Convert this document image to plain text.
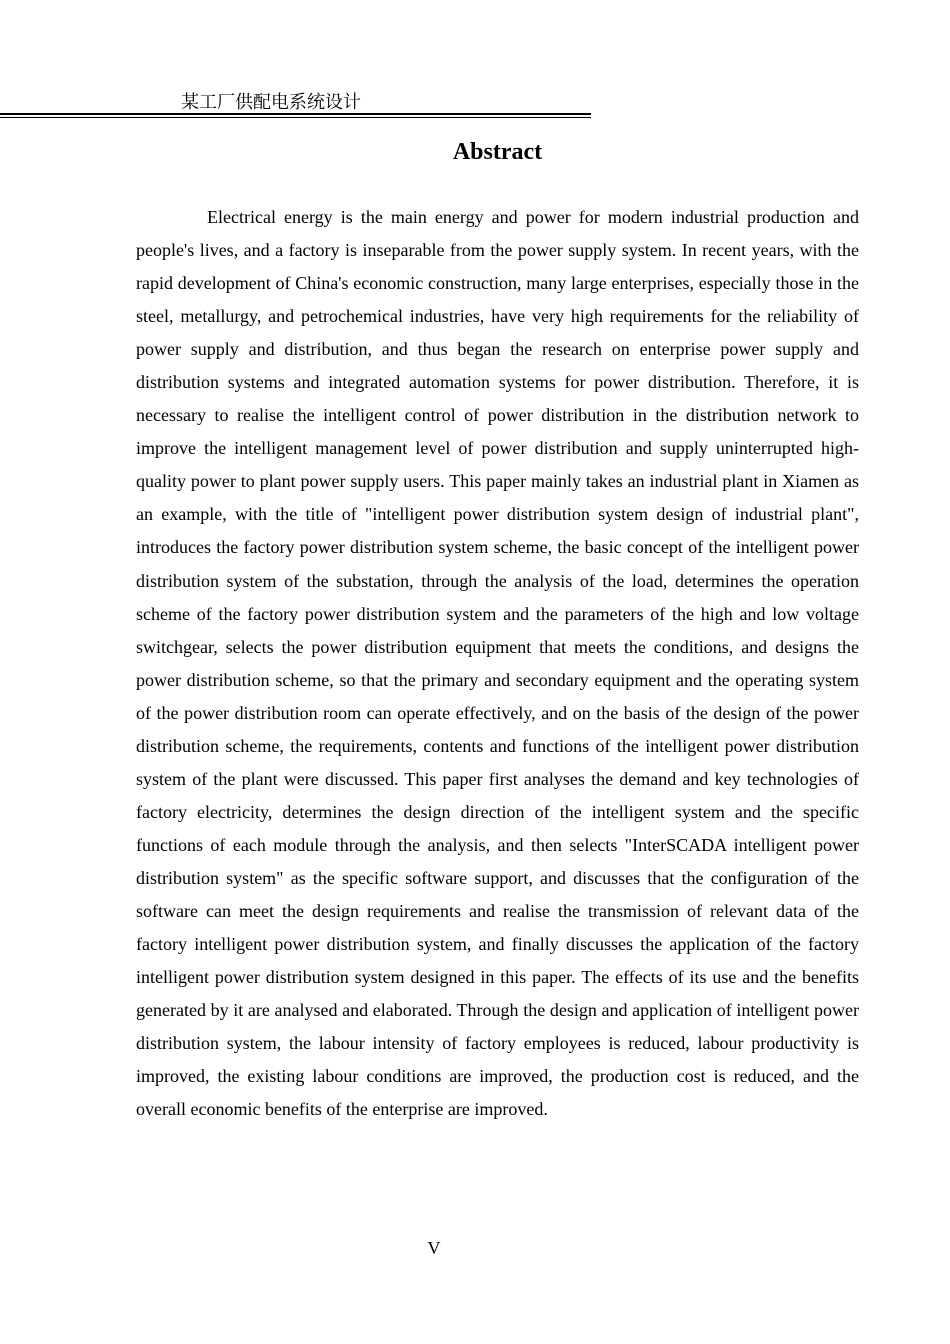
某工厂供配电系统设计
Abstract

Electrical energy is the main energy and power for modern industrial production and people's lives, and a factory is inseparable from the power supply system. In recent years, with the rapid development of China's economic construction, many large enterprises, especially those in the steel, metallurgy, and petrochemical industries, have very high requirements for the reliability of power supply and distribution, and thus began the research on enterprise power supply and distribution systems and integrated automation systems for power distribution. Therefore, it is necessary to realise the intelligent control of power distribution in the distribution network to improve the intelligent management level of power distribution and supply uninterrupted high-quality power to plant power supply users. This paper mainly takes an industrial plant in Xiamen as an example, with the title of "intelligent power distribution system design of industrial plant", introduces the factory power distribution system scheme, the basic concept of the intelligent power distribution system of the substation, through the analysis of the load, determines the operation scheme of the factory power distribution system and the parameters of the high and low voltage switchgear, selects the power distribution equipment that meets the conditions, and designs the power distribution scheme, so that the primary and secondary equipment and the operating system of the power distribution room can operate effectively, and on the basis of the design of the power distribution scheme, the requirements, contents and functions of the intelligent power distribution system of the plant were discussed. This paper first analyses the demand and key technologies of factory electricity, determines the design direction of the intelligent system and the specific functions of each module through the analysis, and then selects "InterSCADA intelligent power distribution system" as the specific software support, and discusses that the configuration of the software can meet the design requirements and realise the transmission of relevant data of the factory intelligent power distribution system, and finally discusses the application of the factory intelligent power distribution system designed in this paper. The effects of its use and the benefits generated by it are analysed and elaborated. Through the design and application of intelligent power distribution system, the labour intensity of factory employees is reduced, labour productivity is improved, the existing labour conditions are improved, the production cost is reduced, and the overall economic benefits of the enterprise are improved.

V
